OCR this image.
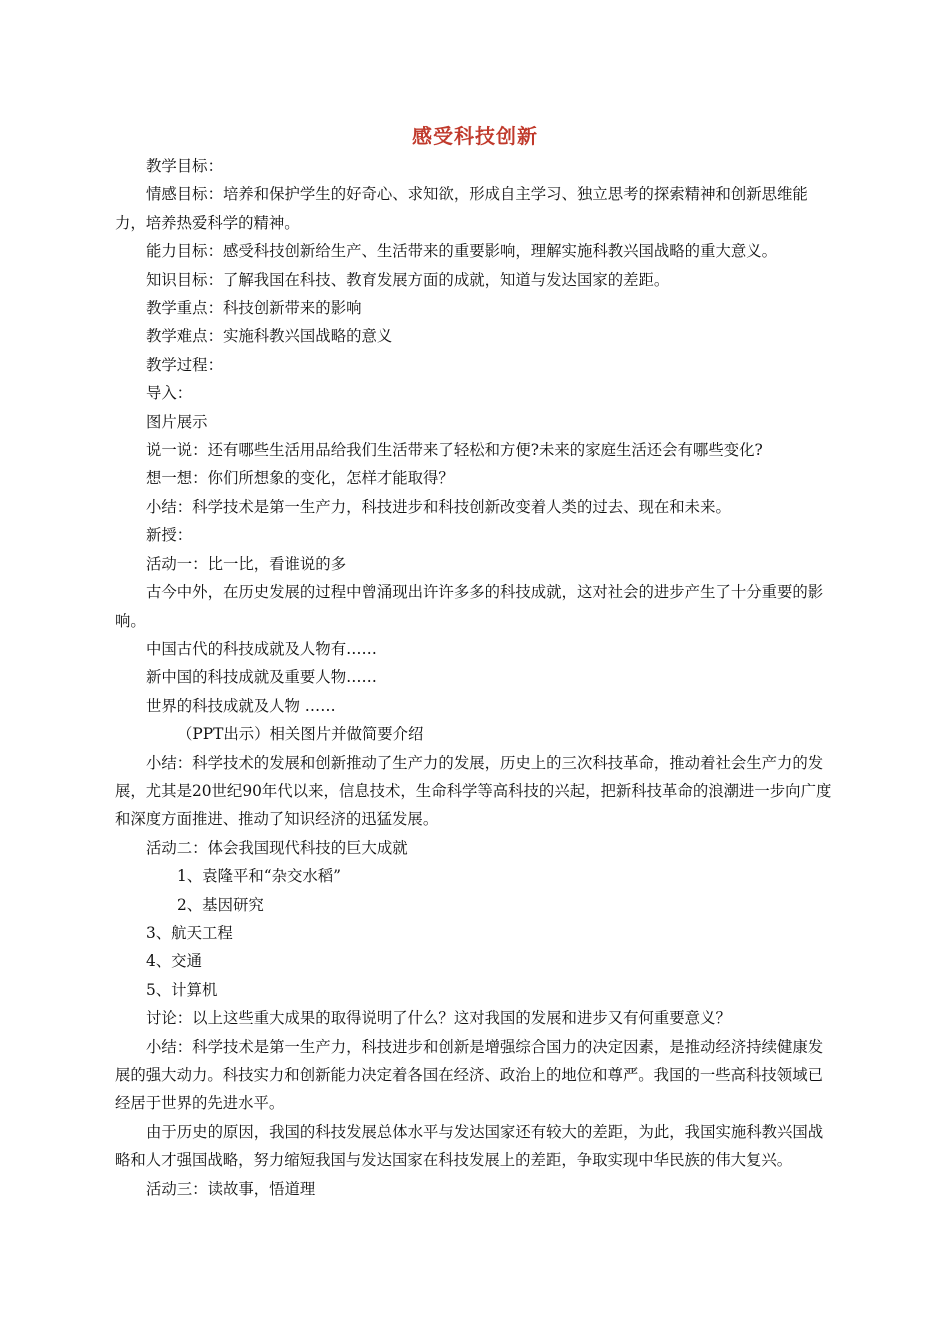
感受科技创新

教学目标：

情感目标：培养和保护学生的好奇心、求知欲，形成自主学习、独立思考的探索精神和创新思维能力，培养热爱科学的精神。

能力目标：感受科技创新给生产、生活带来的重要影响，理解实施科教兴国战略的重大意义。

知识目标：了解我国在科技、教育发展方面的成就，知道与发达国家的差距。

教学重点：科技创新带来的影响

教学难点：实施科教兴国战略的意义

教学过程：

导入：

图片展示

说一说：还有哪些生活用品给我们生活带来了轻松和方便?未来的家庭生活还会有哪些变化?

想一想：你们所想象的变化，怎样才能取得？

小结：科学技术是第一生产力，科技进步和科技创新改变着人类的过去、现在和未来。

新授：

活动一：比一比，看谁说的多

古今中外，在历史发展的过程中曾涌现出许许多多的科技成就，这对社会的进步产生了十分重要的影响。

中国古代的科技成就及人物有……

新中国的科技成就及重要人物……

世界的科技成就及人物 ……

（PPT出示）相关图片并做简要介绍

小结：科学技术的发展和创新推动了生产力的发展，历史上的三次科技革命，推动着社会生产力的发展，尤其是20世纪90年代以来，信息技术，生命科学等高科技的兴起，把新科技革命的浪潮进一步向广度和深度方面推进、推动了知识经济的迅猛发展。

活动二：体会我国现代科技的巨大成就

1、袁隆平和“杂交水稻”

2、基因研究

3、航天工程

4、交通

5、计算机

讨论：以上这些重大成果的取得说明了什么？这对我国的发展和进步又有何重要意义？

小结：科学技术是第一生产力，科技进步和创新是增强综合国力的决定因素，是推动经济持续健康发展的强大动力。科技实力和创新能力决定着各国在经济、政治上的地位和尊严。我国的一些高科技领域已经居于世界的先进水平。

由于历史的原因，我国的科技发展总体水平与发达国家还有较大的差距，为此，我国实施科教兴国战略和人才强国战略，努力缩短我国与发达国家在科技发展上的差距，争取实现中华民族的伟大复兴。

活动三：读故事，悟道理
